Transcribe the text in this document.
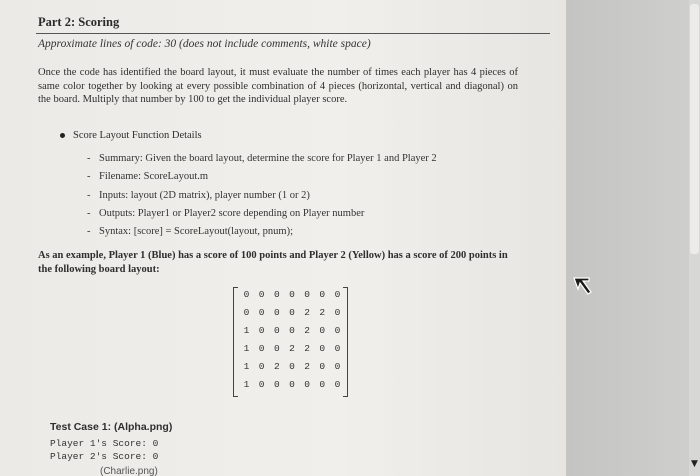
Part 2: Scoring
Approximate lines of code: 30 (does not include comments, white space)
Once the code has identified the board layout, it must evaluate the number of times each player has 4 pieces of same color together by looking at every possible combination of 4 pieces (horizontal, vertical and diagonal) on the board. Multiply that number by 100 to get the individual player score.
Score Layout Function Details
- Summary: Given the board layout, determine the score for Player 1 and Player 2
- Filename: ScoreLayout.m
- Inputs: layout (2D matrix), player number (1 or 2)
- Outputs: Player1 or Player2 score depending on Player number
- Syntax: [score] = ScoreLayout(layout, pnum);
As an example, Player 1 (Blue) has a score of 100 points and Player 2 (Yellow) has a score of 200 points in the following board layout:
0 0 0 0 0 0 0
0 0 0 0 2 2 0
1 0 0 0 2 0 0
1 0 0 2 2 0 0
1 0 2 0 2 0 0
1 0 0 0 0 0 0
Test Case 1: (Alpha.png)
Player 1's Score: 0
Player 2's Score: 0
(Charlie.png)
▼
